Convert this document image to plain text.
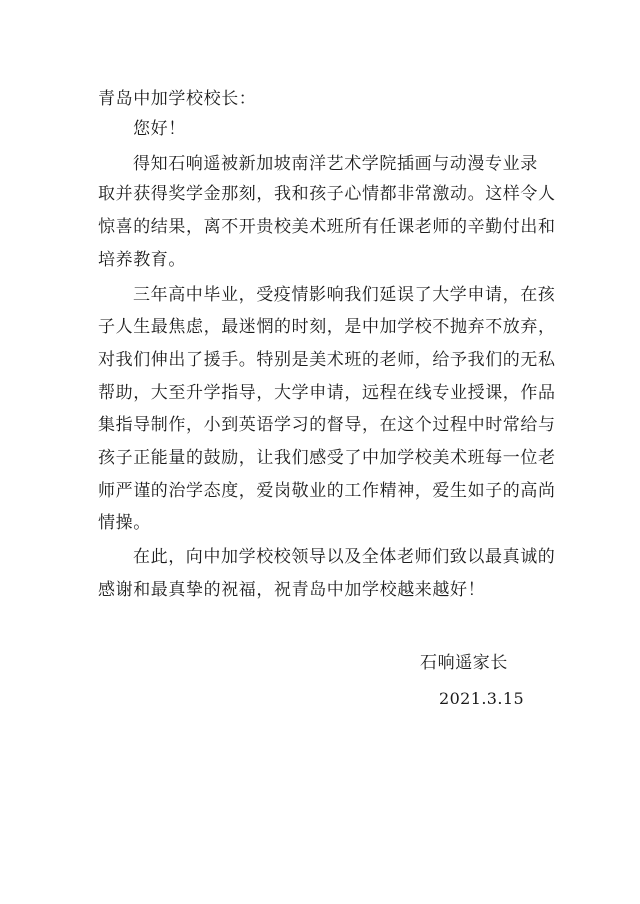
青岛中加学校校长：
您好！
得知石响遥被新加坡南洋艺术学院插画与动漫专业录
取并获得奖学金那刻，我和孩子心情都非常激动。这样令人
惊喜的结果，离不开贵校美术班所有任课老师的辛勤付出和
培养教育。
三年高中毕业，受疫情影响我们延误了大学申请，在孩
子人生最焦虑，最迷惘的时刻，是中加学校不抛弃不放弃，
对我们伸出了援手。特别是美术班的老师，给予我们的无私
帮助，大至升学指导，大学申请，远程在线专业授课，作品
集指导制作，小到英语学习的督导，在这个过程中时常给与
孩子正能量的鼓励，让我们感受了中加学校美术班每一位老
师严谨的治学态度，爱岗敬业的工作精神，爱生如子的高尚
情操。
在此，向中加学校校领导以及全体老师们致以最真诚的
感谢和最真挚的祝福，祝青岛中加学校越来越好！
石响遥家长
2021.3.15
